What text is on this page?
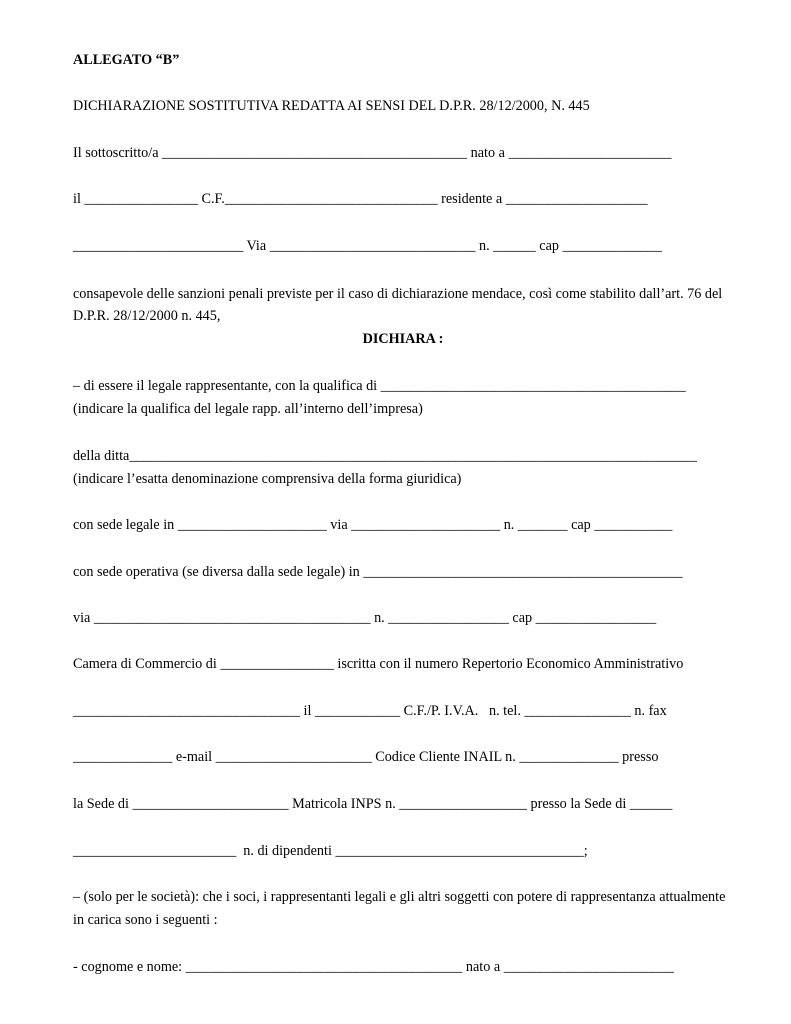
ALLEGATO “B”
DICHIARAZIONE SOSTITUTIVA REDATTA AI SENSI DEL D.P.R. 28/12/2000, N. 445
Il sottoscritto/a ___________________________________________ nato a _______________________
il ________________ C.F.______________________________ residente a ____________________
________________________ Via _____________________________ n. ______ cap ______________
consapevole delle sanzioni penali previste per il caso di dichiarazione mendace, così come stabilito dall’art. 76 del
D.P.R. 28/12/2000 n. 445,
DICHIARA :
– di essere il legale rappresentante, con la qualifica di ___________________________________________
(indicare la qualifica del legale rapp. all’interno dell’impresa)
della ditta________________________________________________________________________________
(indicare l’esatta denominazione comprensiva della forma giuridica)
con sede legale in _____________________ via _____________________ n. _______ cap ___________
con sede operativa (se diversa dalla sede legale) in _____________________________________________
via _______________________________________ n. _________________ cap _________________
Camera di Commercio di ________________ iscritta con il numero Repertorio Economico Amministrativo
________________________________ il ____________ C.F./P. I.V.A.   n. tel. _______________ n. fax
______________ e-mail ______________________ Codice Cliente INAIL n. ______________ presso
la Sede di ______________________ Matricola INPS n. __________________ presso la Sede di ______
_______________________  n. di dipendenti ___________________________________;
– (solo per le società): che i soci, i rappresentanti legali e gli altri soggetti con potere di rappresentanza attualmente
in carica sono i seguenti :
- cognome e nome: _______________________________________ nato a ________________________
